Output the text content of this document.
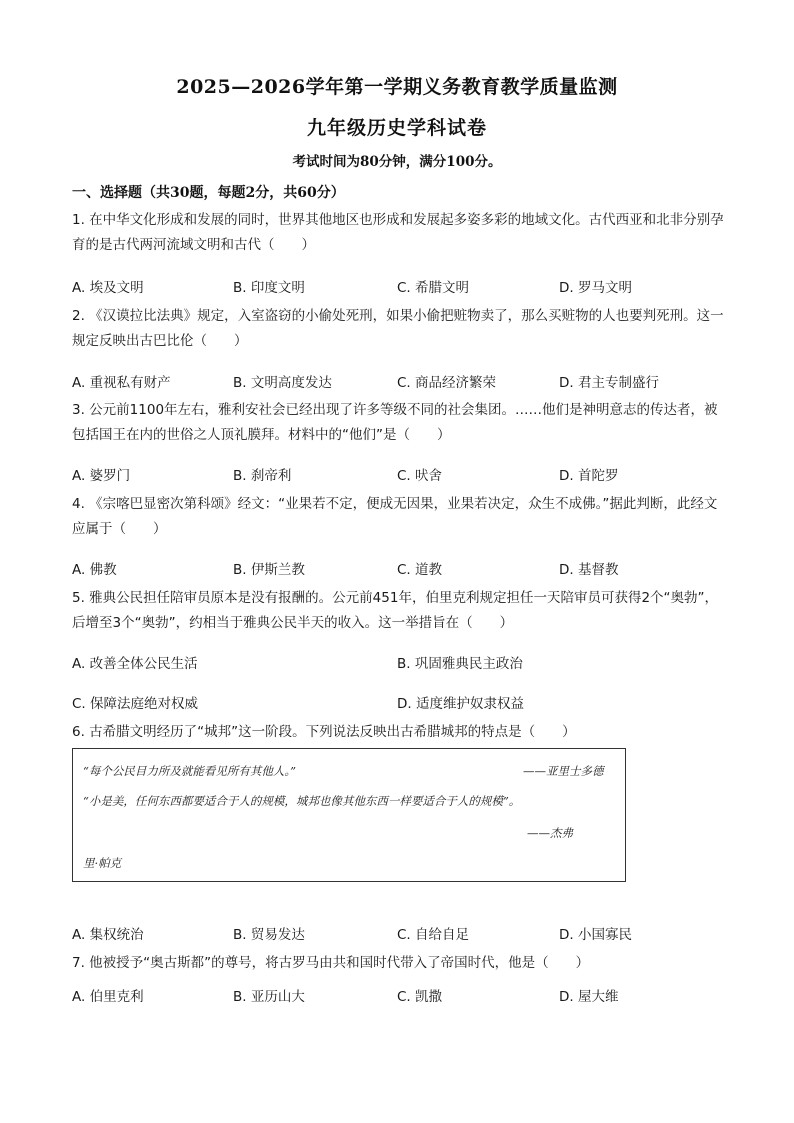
2025—2026学年第一学期义务教育教学质量监测
九年级历史学科试卷
考试时间为80分钟，满分100分。
一、选择题（共30题，每题2分，共60分）
1. 在中华文化形成和发展的同时，世界其他地区也形成和发展起多姿多彩的地域文化。古代西亚和北非分别孕育的是古代两河流域文明和古代（　　）
A. 埃及文明	B. 印度文明	C. 希腊文明	D. 罗马文明
2. 《汉谟拉比法典》规定，入室盗窃的小偷处死刑，如果小偷把赃物卖了，那么买赃物的人也要判死刑。这一规定反映出古巴比伦（　　）
A. 重视私有财产	B. 文明高度发达	C. 商品经济繁荣	D. 君主专制盛行
3. 公元前1100年左右，雅利安社会已经出现了许多等级不同的社会集团。……他们是神明意志的传达者，被包括国王在内的世俗之人顶礼膜拜。材料中的“他们”是（　　）
A. 婆罗门	B. 刹帝利	C. 吠舍	D. 首陀罗
4. 《宗喀巴显密次第科颂》经文：“业果若不定，便成无因果，业果若决定，众生不成佛。”据此判断，此经文应属于（　　）
A. 佛教	B. 伊斯兰教	C. 道教	D. 基督教
5. 雅典公民担任陪审员原本是没有报酬的。公元前451年，伯里克利规定担任一天陪审员可获得2个“奥勃”，后增至3个“奥勃”，约相当于雅典公民半天的收入。这一举措旨在（　　）
A. 改善全体公民生活	B. 巩固雅典民主政治
C. 保障法庭绝对权威	D. 适度维护奴隶权益
6. 古希腊文明经历了“城邦”这一阶段。下列说法反映出古希腊城邦的特点是（　　）
“每个公民目力所及就能看见所有其他人。”	——亚里士多德
“小是美，任何东西都要适合于人的规模，城邦也像其他东西一样要适合于人的规模”。
——杰弗
里·帕克
A. 集权统治	B. 贸易发达	C. 自给自足	D. 小国寡民
7. 他被授予“奥古斯都”的尊号，将古罗马由共和国时代带入了帝国时代，他是（　　）
A. 伯里克利	B. 亚历山大	C. 凯撒	D. 屋大维
